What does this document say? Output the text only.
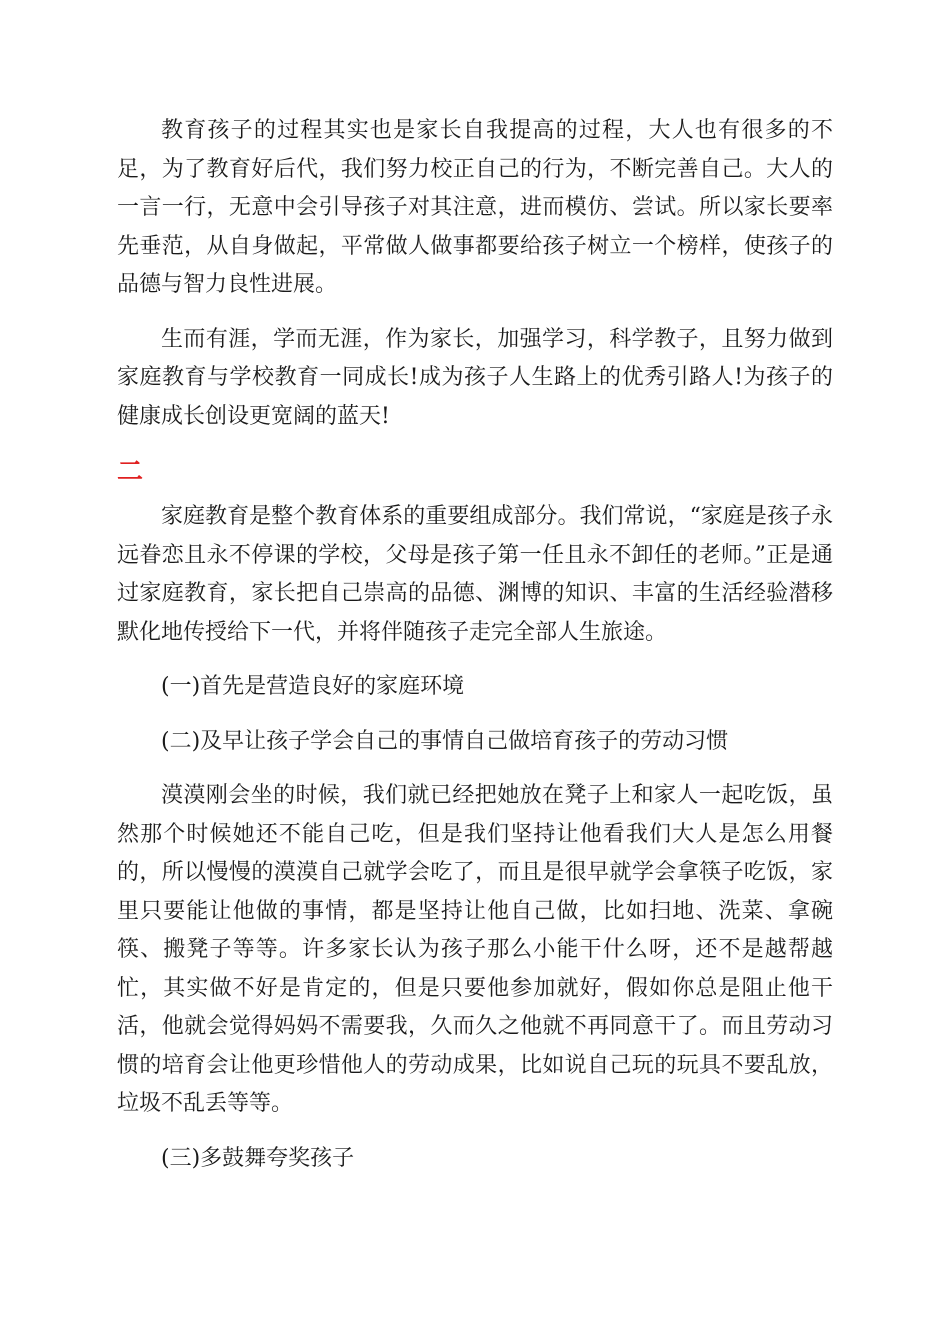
教育孩子的过程其实也是家长自我提高的过程，大人也有很多的不足，为了教育好后代，我们努力校正自己的行为，不断完善自己。大人的一言一行，无意中会引导孩子对其注意，进而模仿、尝试。所以家长要率先垂范，从自身做起，平常做人做事都要给孩子树立一个榜样，使孩子的品德与智力良性进展。

生而有涯，学而无涯，作为家长，加强学习，科学教子，且努力做到家庭教育与学校教育一同成长!成为孩子人生路上的优秀引路人!为孩子的健康成长创设更宽阔的蓝天!

二

家庭教育是整个教育体系的重要组成部分。我们常说，“家庭是孩子永远眷恋且永不停课的学校，父母是孩子第一任且永不卸任的老师。”正是通过家庭教育，家长把自己崇高的品德、渊博的知识、丰富的生活经验潜移默化地传授给下一代，并将伴随孩子走完全部人生旅途。

(一)首先是营造良好的家庭环境

(二)及早让孩子学会自己的事情自己做培育孩子的劳动习惯

漠漠刚会坐的时候，我们就已经把她放在凳子上和家人一起吃饭，虽然那个时候她还不能自己吃，但是我们坚持让他看我们大人是怎么用餐的，所以慢慢的漠漠自己就学会吃了，而且是很早就学会拿筷子吃饭，家里只要能让他做的事情，都是坚持让他自己做，比如扫地、洗菜、拿碗筷、搬凳子等等。许多家长认为孩子那么小能干什么呀，还不是越帮越忙，其实做不好是肯定的，但是只要他参加就好，假如你总是阻止他干活，他就会觉得妈妈不需要我，久而久之他就不再同意干了。而且劳动习惯的培育会让他更珍惜他人的劳动成果，比如说自己玩的玩具不要乱放，垃圾不乱丢等等。

(三)多鼓舞夸奖孩子
